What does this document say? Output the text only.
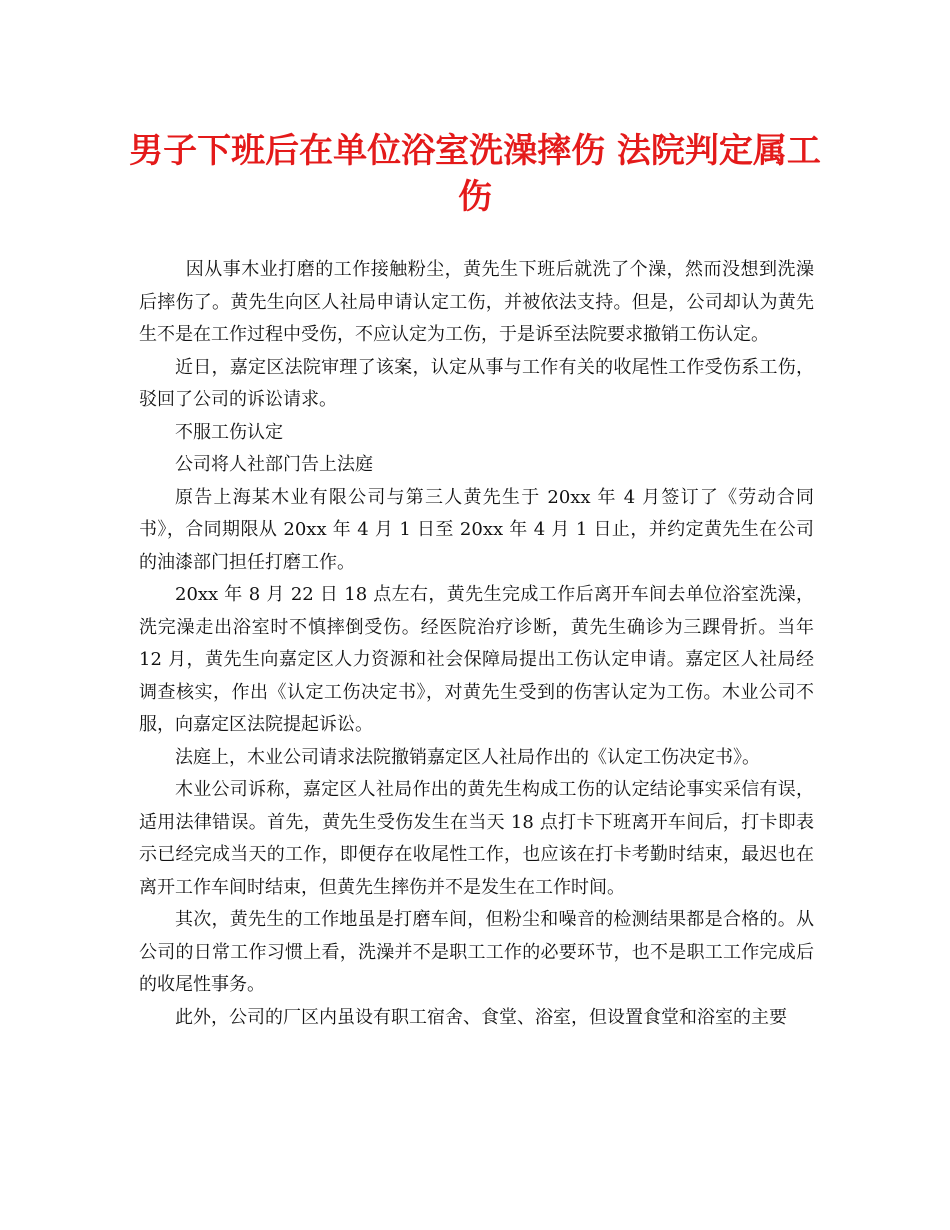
男子下班后在单位浴室洗澡摔伤 法院判定属工伤

因从事木业打磨的工作接触粉尘，黄先生下班后就洗了个澡，然而没想到洗澡后摔伤了。黄先生向区人社局申请认定工伤，并被依法支持。但是，公司却认为黄先生不是在工作过程中受伤，不应认定为工伤，于是诉至法院要求撤销工伤认定。

近日，嘉定区法院审理了该案，认定从事与工作有关的收尾性工作受伤系工伤，驳回了公司的诉讼请求。

不服工伤认定

公司将人社部门告上法庭

原告上海某木业有限公司与第三人黄先生于 20xx 年 4 月签订了《劳动合同书》，合同期限从 20xx 年 4 月 1 日至 20xx 年 4 月 1 日止，并约定黄先生在公司的油漆部门担任打磨工作。

20xx 年 8 月 22 日 18 点左右，黄先生完成工作后离开车间去单位浴室洗澡，洗完澡走出浴室时不慎摔倒受伤。经医院治疗诊断，黄先生确诊为三踝骨折。当年 12 月，黄先生向嘉定区人力资源和社会保障局提出工伤认定申请。嘉定区人社局经调查核实，作出《认定工伤决定书》，对黄先生受到的伤害认定为工伤。木业公司不服，向嘉定区法院提起诉讼。

法庭上，木业公司请求法院撤销嘉定区人社局作出的《认定工伤决定书》。

木业公司诉称，嘉定区人社局作出的黄先生构成工伤的认定结论事实采信有误，适用法律错误。首先，黄先生受伤发生在当天 18 点打卡下班离开车间后，打卡即表示已经完成当天的工作，即便存在收尾性工作，也应该在打卡考勤时结束，最迟也在离开工作车间时结束，但黄先生摔伤并不是发生在工作时间。

其次，黄先生的工作地虽是打磨车间，但粉尘和噪音的检测结果都是合格的。从公司的日常工作习惯上看，洗澡并不是职工工作的必要环节，也不是职工工作完成后的收尾性事务。

此外，公司的厂区内虽设有职工宿舍、食堂、浴室，但设置食堂和浴室的主要
